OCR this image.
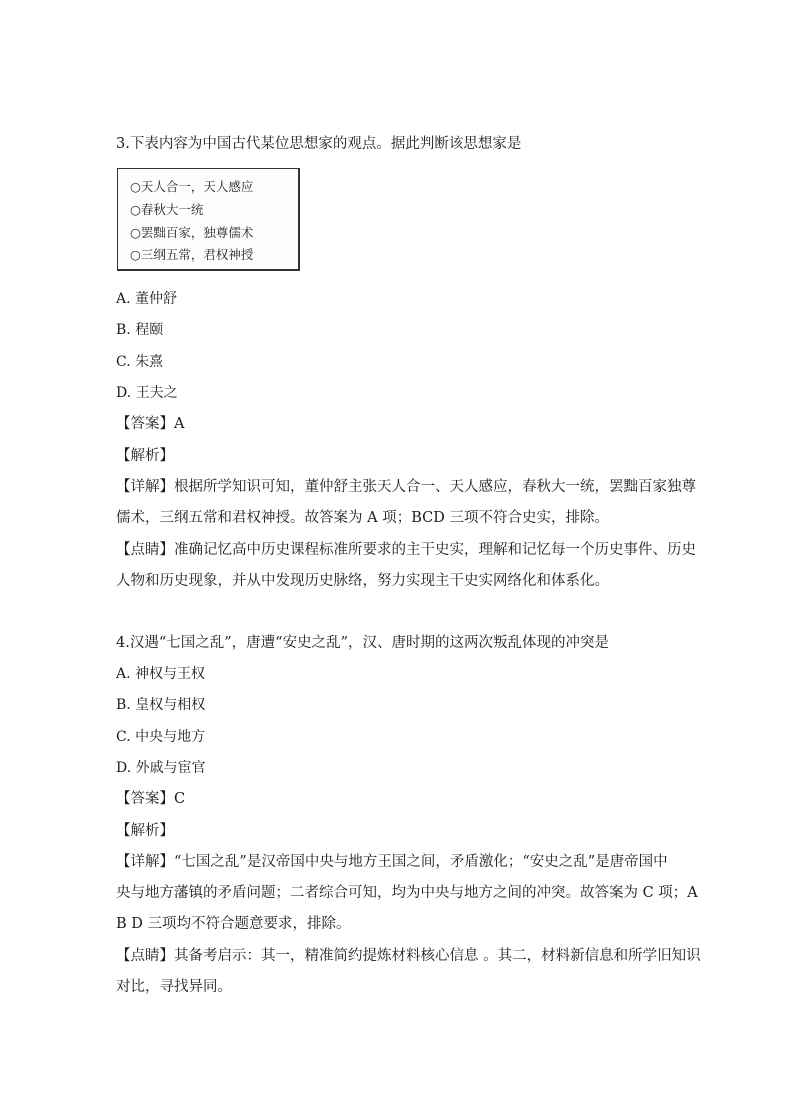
3.下表内容为中国古代某位思想家的观点。据此判断该思想家是
○天人合一，天人感应
○春秋大一统
○罢黜百家，独尊儒术
○三纲五常，君权神授
A. 董仲舒
B. 程颐
C. 朱熹
D. 王夫之
【答案】A
【解析】
【详解】根据所学知识可知，董仲舒主张天人合一、天人感应，春秋大一统，罢黜百家独尊
儒术，三纲五常和君权神授。故答案为 A 项；BCD 三项不符合史实，排除。
【点睛】准确记忆高中历史课程标准所要求的主干史实，理解和记忆每一个历史事件、历史
人物和历史现象，并从中发现历史脉络，努力实现主干史实网络化和体系化。
4.汉遇“七国之乱”，唐遭“安史之乱”，汉、唐时期的这两次叛乱体现的冲突是
A. 神权与王权
B. 皇权与相权
C. 中央与地方
D. 外戚与宦官
【答案】C
【解析】
【详解】“七国之乱”是汉帝国中央与地方王国之间，矛盾激化；“安史之乱”是唐帝国中
央与地方藩镇的矛盾问题；二者综合可知，均为中央与地方之间的冲突。故答案为 C 项；A
B D 三项均不符合题意要求，排除。
【点睛】其备考启示：其一，精准简约提炼材料核心信息 。其二，材料新信息和所学旧知识
对比，寻找异同。
